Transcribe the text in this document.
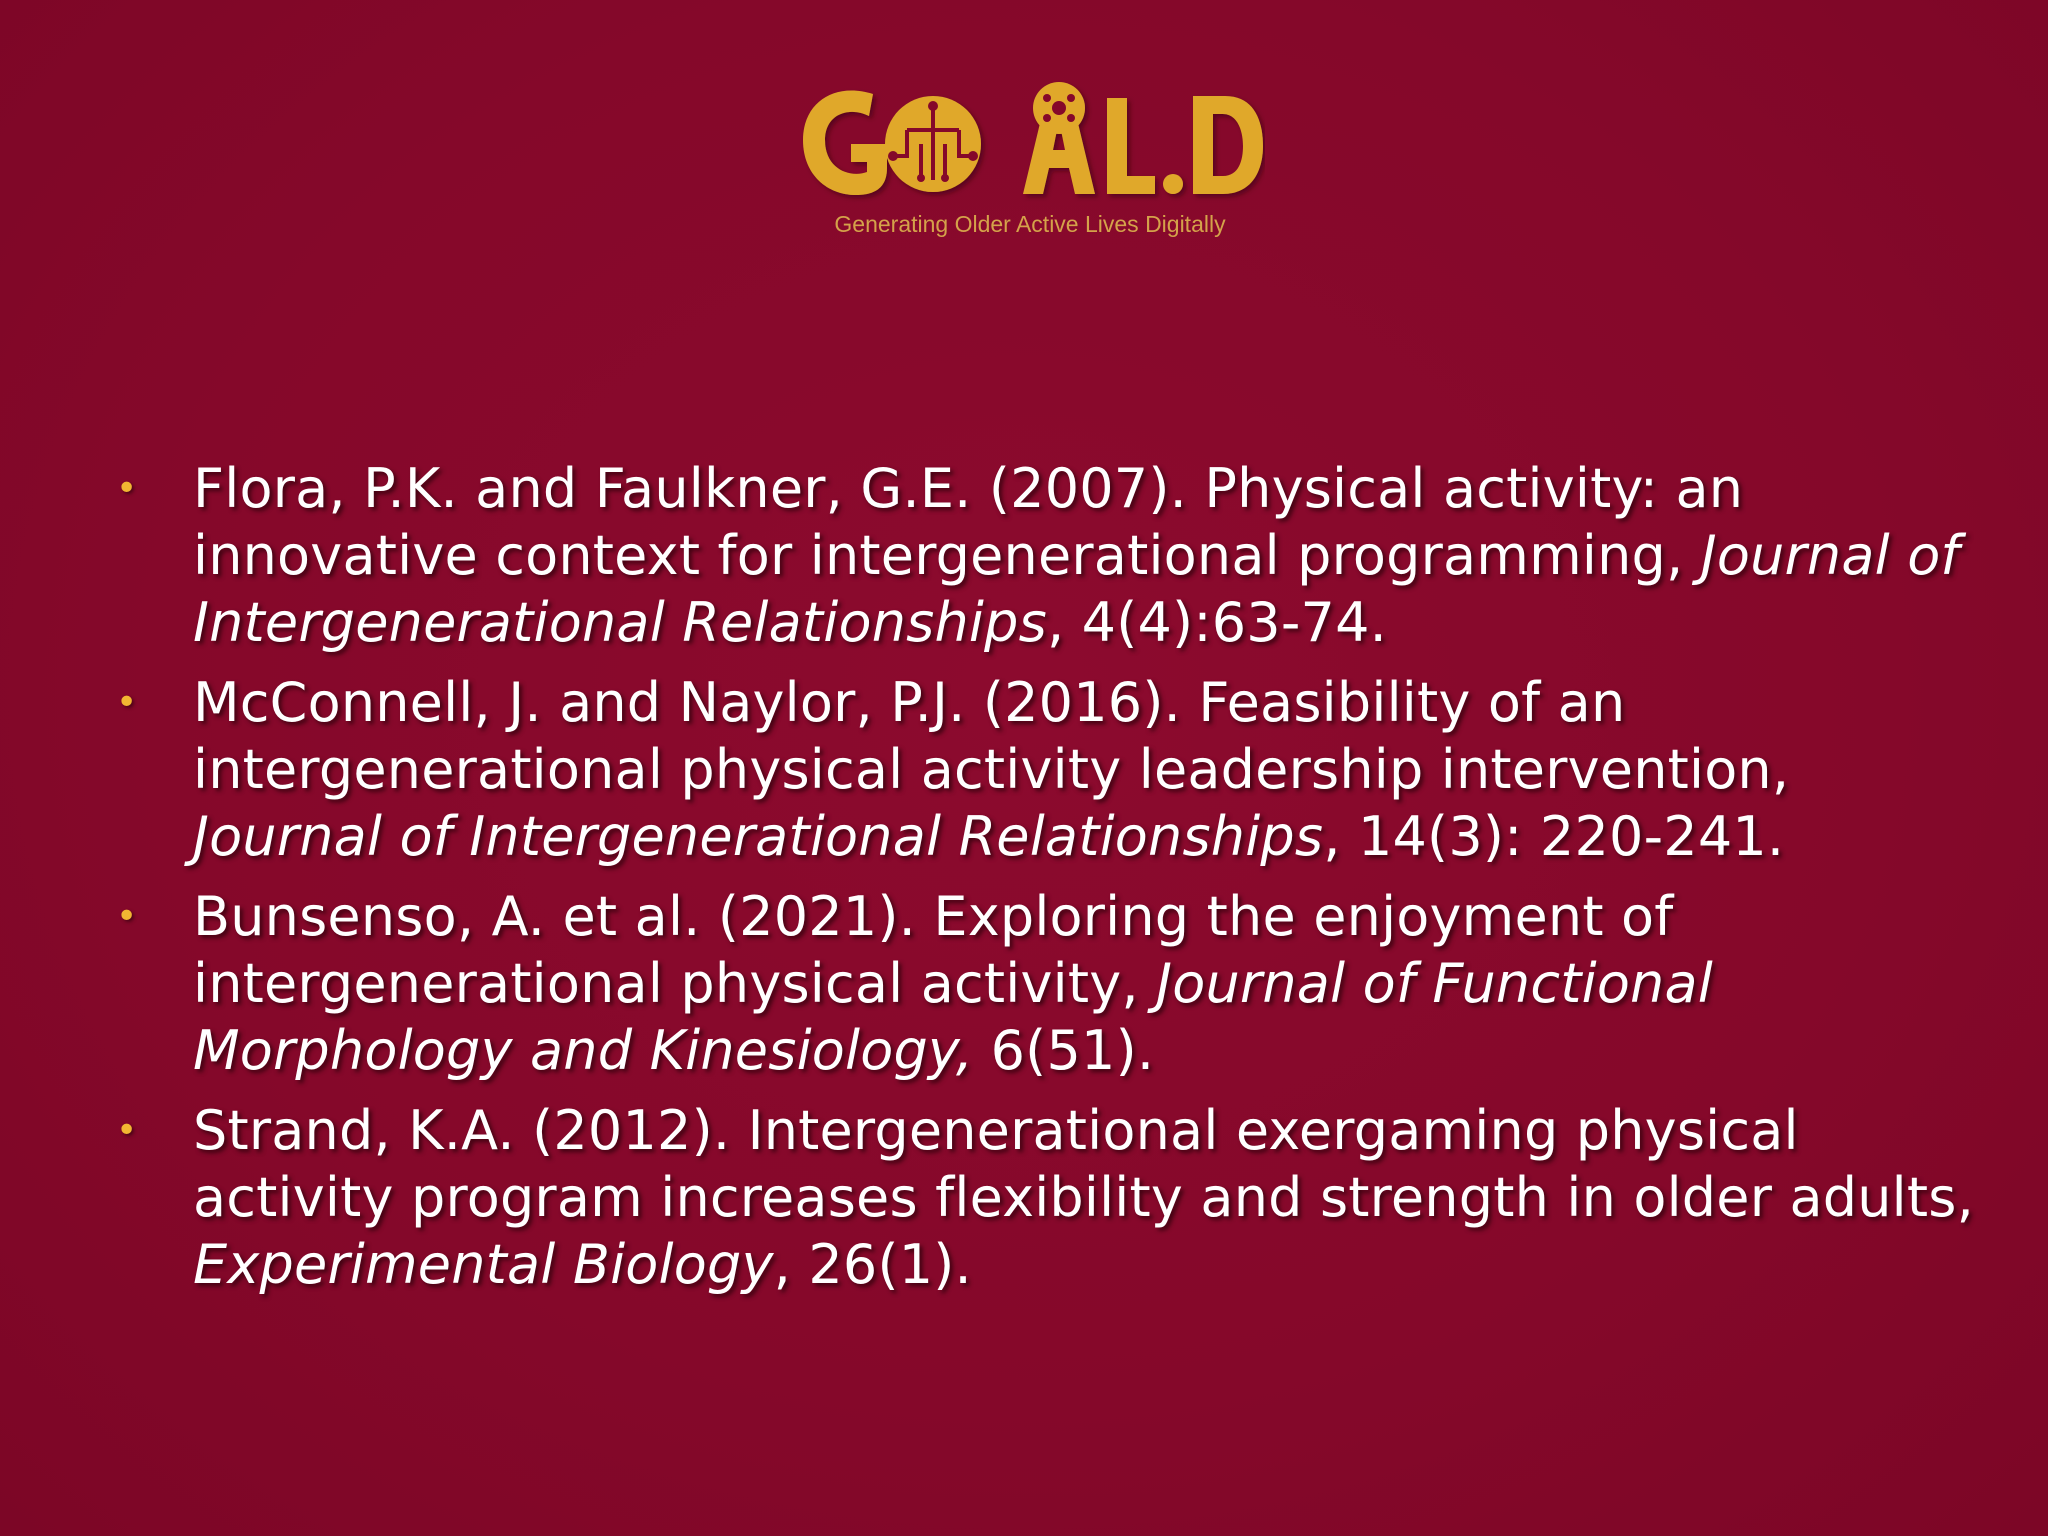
Generating Older Active Lives Digitally
• Flora, P.K. and Faulkner, G.E. (2007). Physical activity: an innovative context for intergenerational programming, Journal of Intergenerational Relationships, 4(4):63-74.
• McConnell, J. and Naylor, P.J. (2016). Feasibility of an intergenerational physical activity leadership intervention, Journal of Intergenerational Relationships, 14(3): 220-241.
• Bunsenso, A. et al. (2021). Exploring the enjoyment of intergenerational physical activity, Journal of Functional Morphology and Kinesiology, 6(51).
• Strand, K.A. (2012). Intergenerational exergaming physical activity program increases flexibility and strength in older adults, Experimental Biology, 26(1).
